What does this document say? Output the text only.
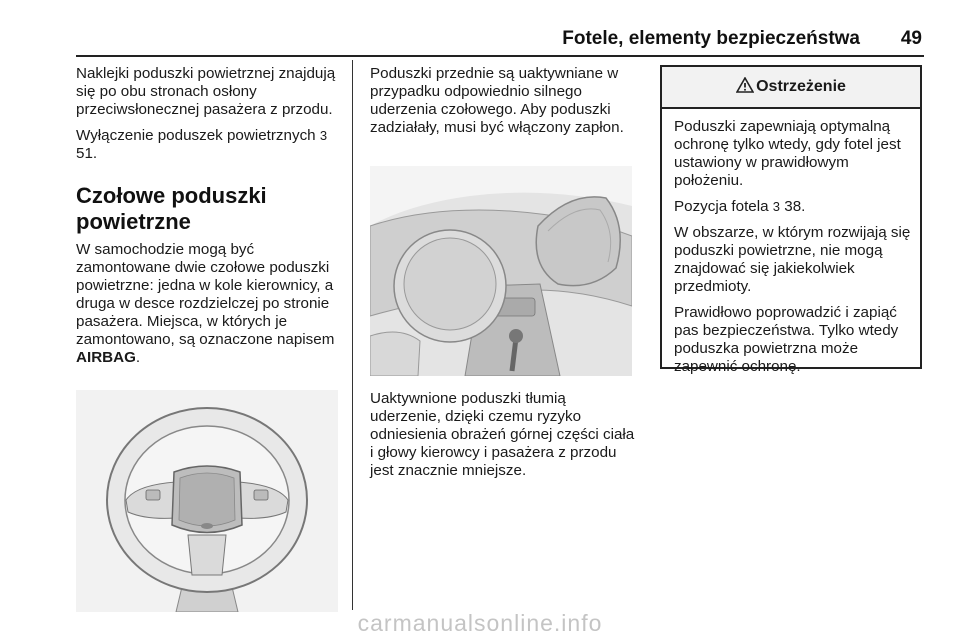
Fotele, elementy bezpieczeństwa	49

Naklejki poduszki powietrznej znajdują się po obu stronach osłony przeciwsłonecznej pasażera z przodu.

Wyłączenie poduszek powietrznych 3 51.

Czołowe poduszki powietrzne

W samochodzie mogą być zamontowane dwie czołowe poduszki powietrzne: jedna w kole kierownicy, a druga w desce rozdzielczej po stronie pasażera. Miejsca, w których je zamontowano, są oznaczone napisem AIRBAG.

Poduszki przednie są uaktywniane w przypadku odpowiednio silnego uderzenia czołowego. Aby poduszki zadziałały, musi być włączony zapłon.

Uaktywnione poduszki tłumią uderzenie, dzięki czemu ryzyko odniesienia obrażeń górnej części ciała i głowy kierowcy i pasażera z przodu jest znacznie mniejsze.

Ostrzeżenie

Poduszki zapewniają optymalną ochronę tylko wtedy, gdy fotel jest ustawiony w prawidłowym położeniu.

Pozycja fotela 3 38.

W obszarze, w którym rozwijają się poduszki powietrzne, nie mogą znajdować się jakiekolwiek przedmioty.

Prawidłowo poprowadzić i zapiąć pas bezpieczeństwa. Tylko wtedy poduszka powietrzna może zapewnić ochronę.

carmanualsonline.info
